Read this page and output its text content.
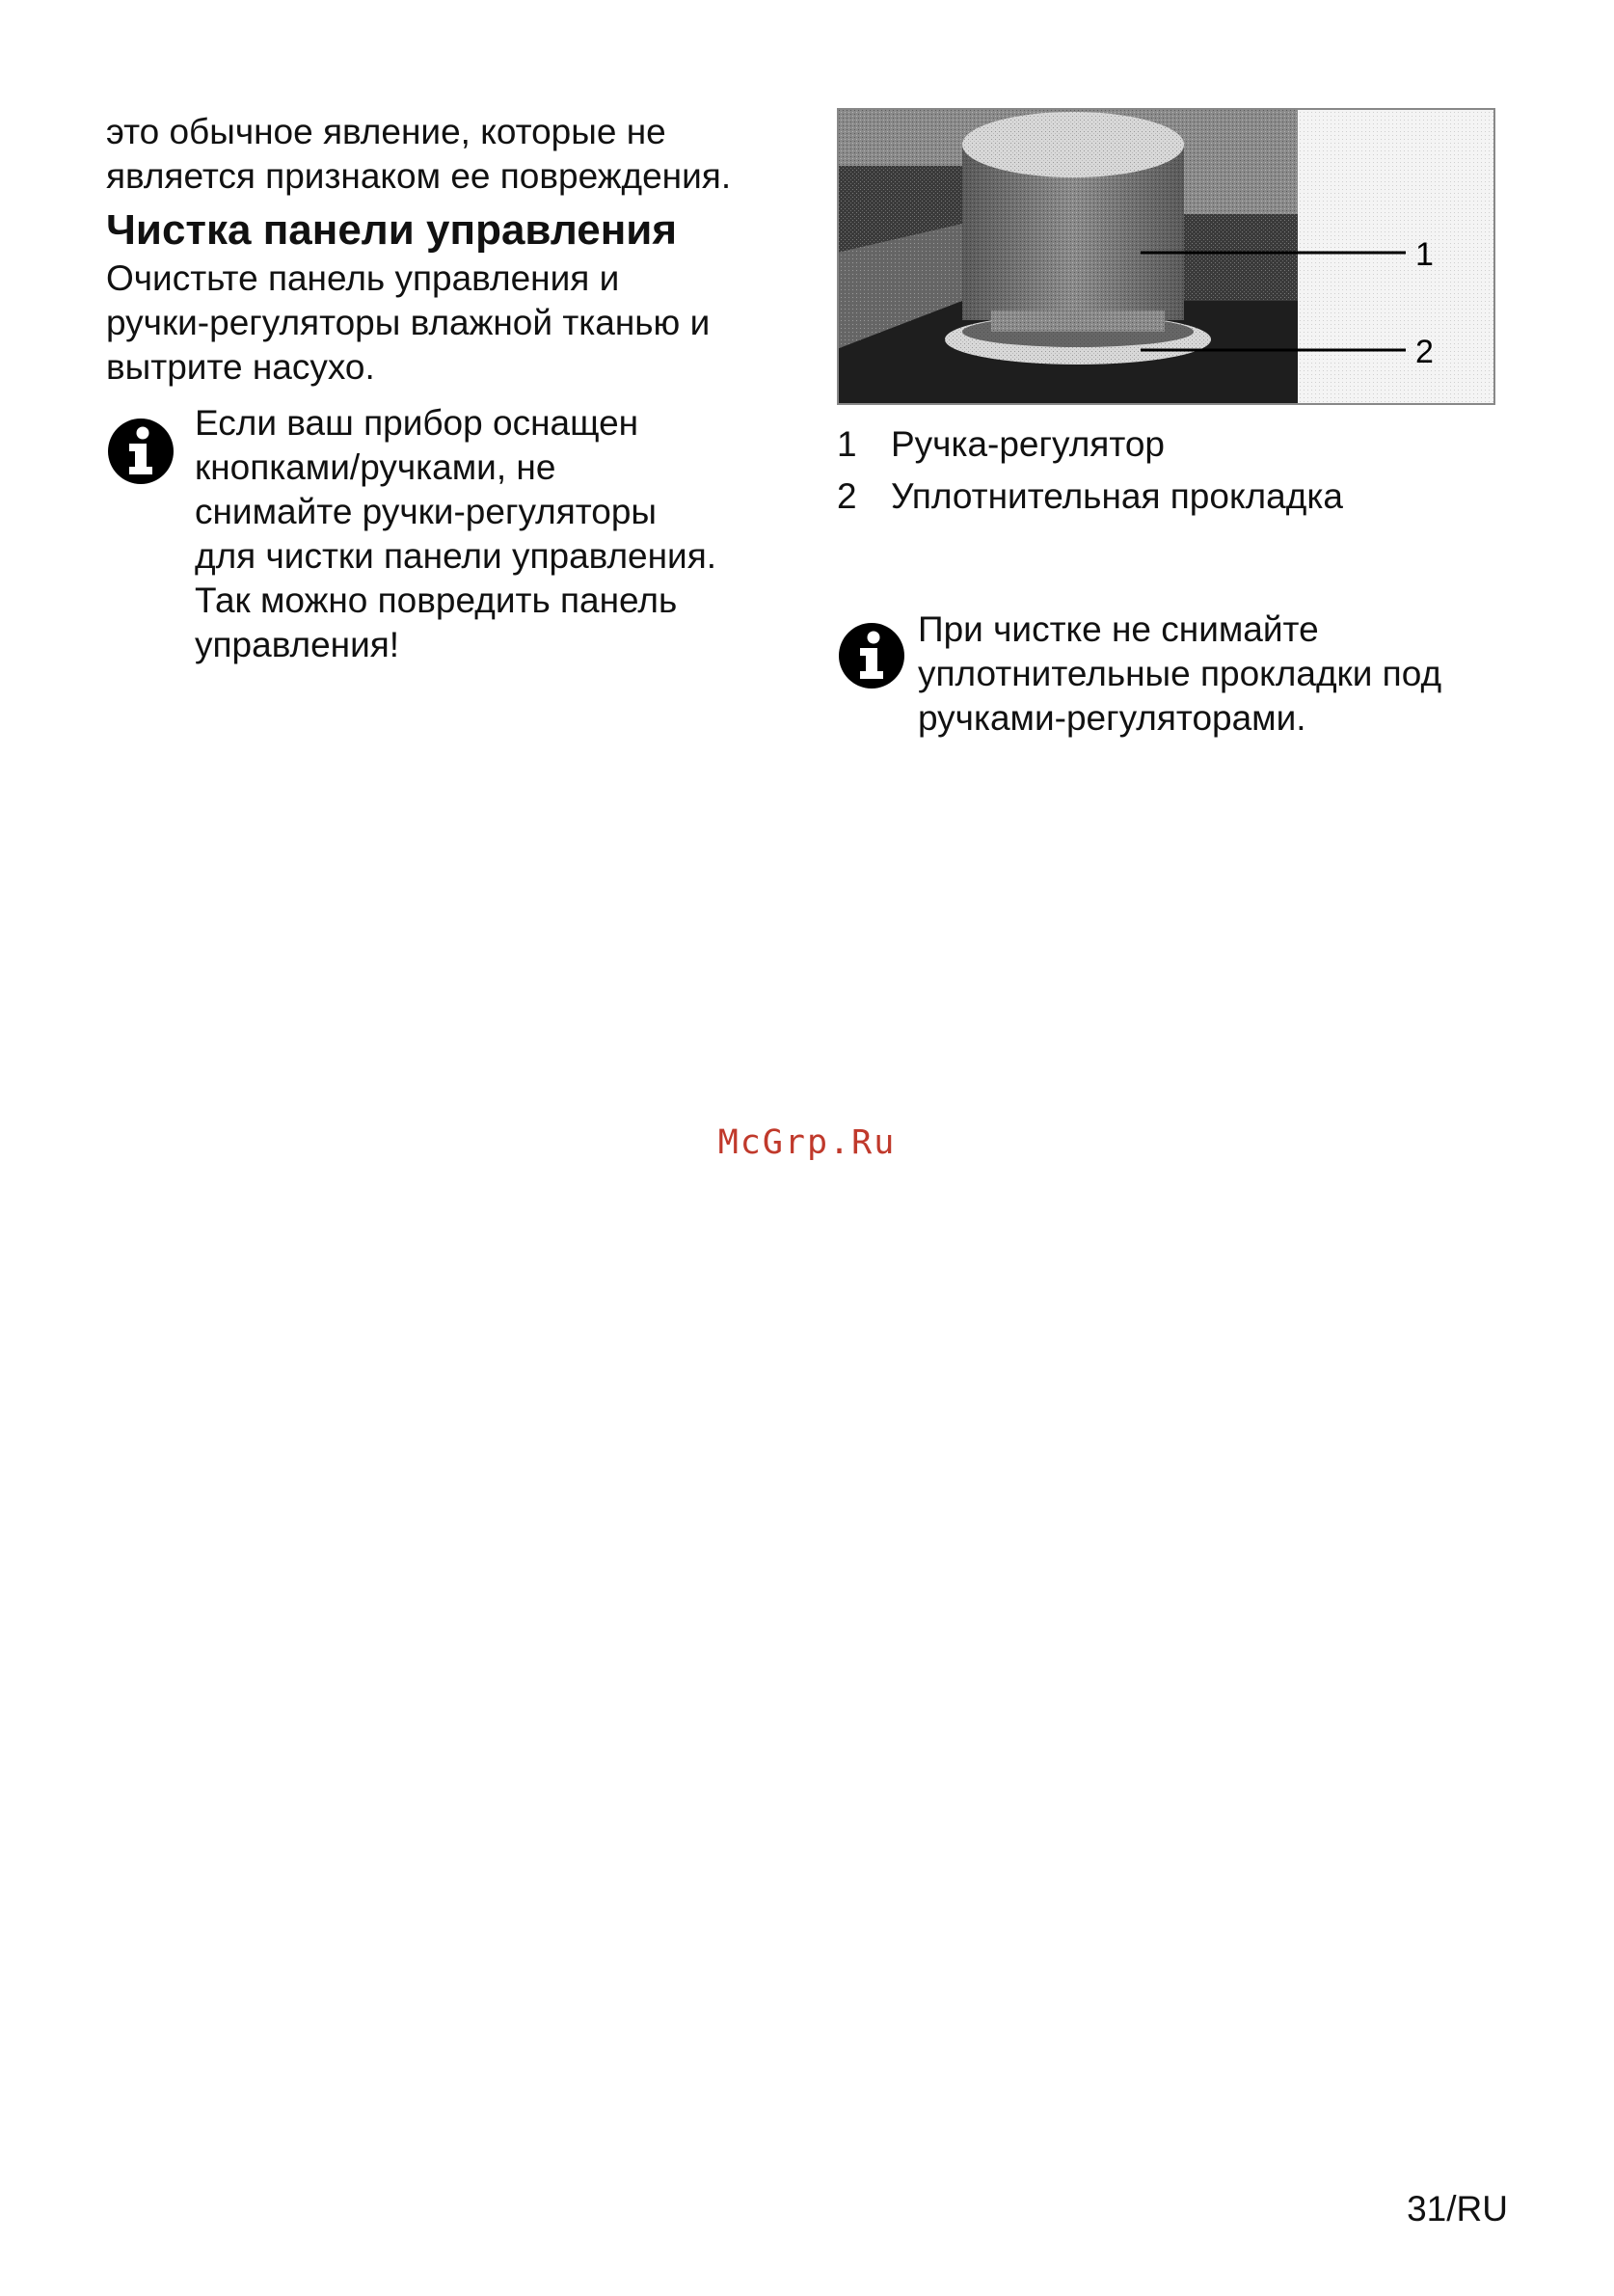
это обычное явление, которые не
является признаком ее повреждения.

Чистка панели управления

Очистьте панель управления и
ручки-регуляторы влажной тканью и
вытрите насухо.

Если ваш прибор оснащен
кнопками/ручками, не
снимайте ручки-регуляторы
для чистки панели управления.
Так можно повредить панель
управления!

1
2
1 Ручка-регулятор
2 Уплотнительная прокладка

При чистке не снимайте
уплотнительные прокладки под
ручками-регуляторами.

McGrp.Ru
31/RU
